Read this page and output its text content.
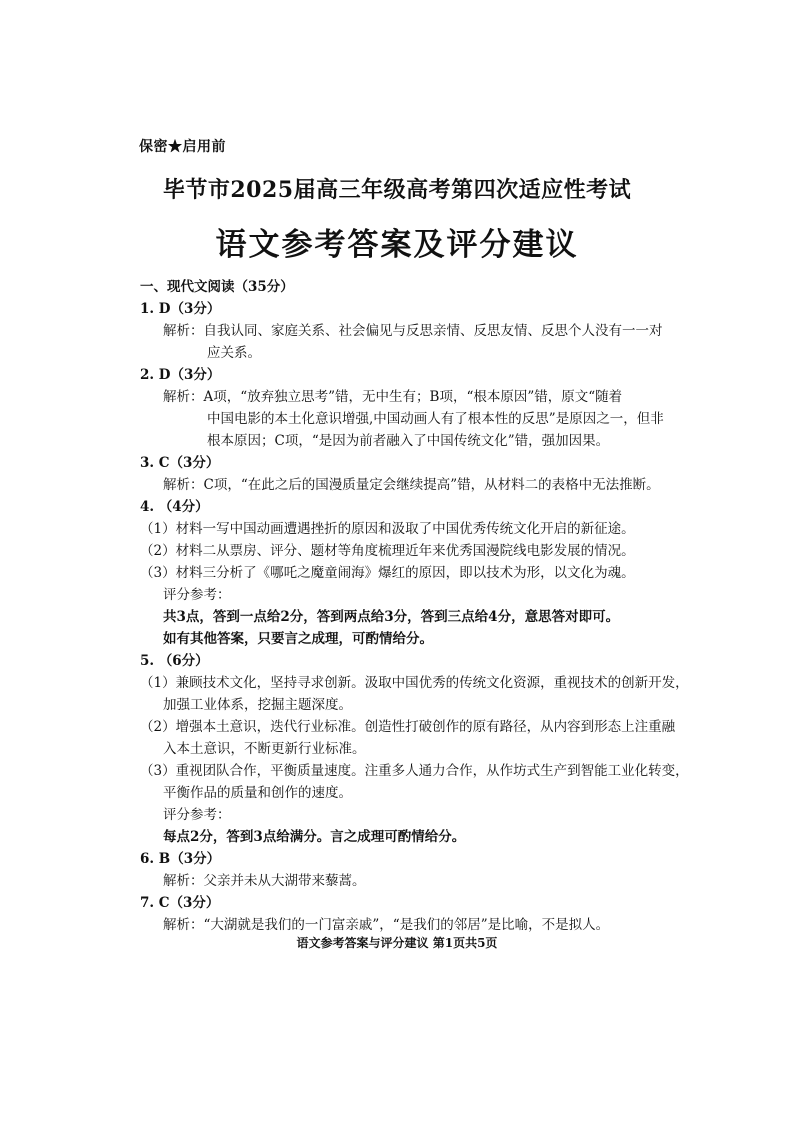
保密★启用前
毕节市2025届高三年级高考第四次适应性考试
语文参考答案及评分建议
一、现代文阅读（35分）
1. D（3分）
解析：自我认同、家庭关系、社会偏见与反思亲情、反思友情、反思个人没有一一对
应关系。
2. D（3分）
解析：A项，“放弃独立思考”错，无中生有；B项，“根本原因”错，原文“随着
中国电影的本土化意识增强,中国动画人有了根本性的反思”是原因之一，但非
根本原因；C项，“是因为前者融入了中国传统文化”错，强加因果。
3. C（3分）
解析：C项，“在此之后的国漫质量定会继续提高”错，从材料二的表格中无法推断。
4. （4分）
（1）材料一写中国动画遭遇挫折的原因和汲取了中国优秀传统文化开启的新征途。
（2）材料二从票房、评分、题材等角度梳理近年来优秀国漫院线电影发展的情况。
（3）材料三分析了《哪吒之魔童闹海》爆红的原因，即以技术为形，以文化为魂。
评分参考：
共3点，答到一点给2分，答到两点给3分，答到三点给4分，意思答对即可。
如有其他答案，只要言之成理，可酌情给分。
5. （6分）
（1）兼顾技术文化，坚持寻求创新。汲取中国优秀的传统文化资源，重视技术的创新开发，
加强工业体系，挖掘主题深度。
（2）增强本土意识，迭代行业标准。创造性打破创作的原有路径，从内容到形态上注重融
入本土意识，不断更新行业标准。
（3）重视团队合作，平衡质量速度。注重多人通力合作，从作坊式生产到智能工业化转变，
平衡作品的质量和创作的速度。
评分参考：
每点2分，答到3点给满分。言之成理可酌情给分。
6. B（3分）
解析：父亲并未从大湖带来藜蒿。
7. C（3分）
解析：“大湖就是我们的一门富亲戚”，“是我们的邻居”是比喻，不是拟人。
语文参考答案与评分建议 第1页共5页
